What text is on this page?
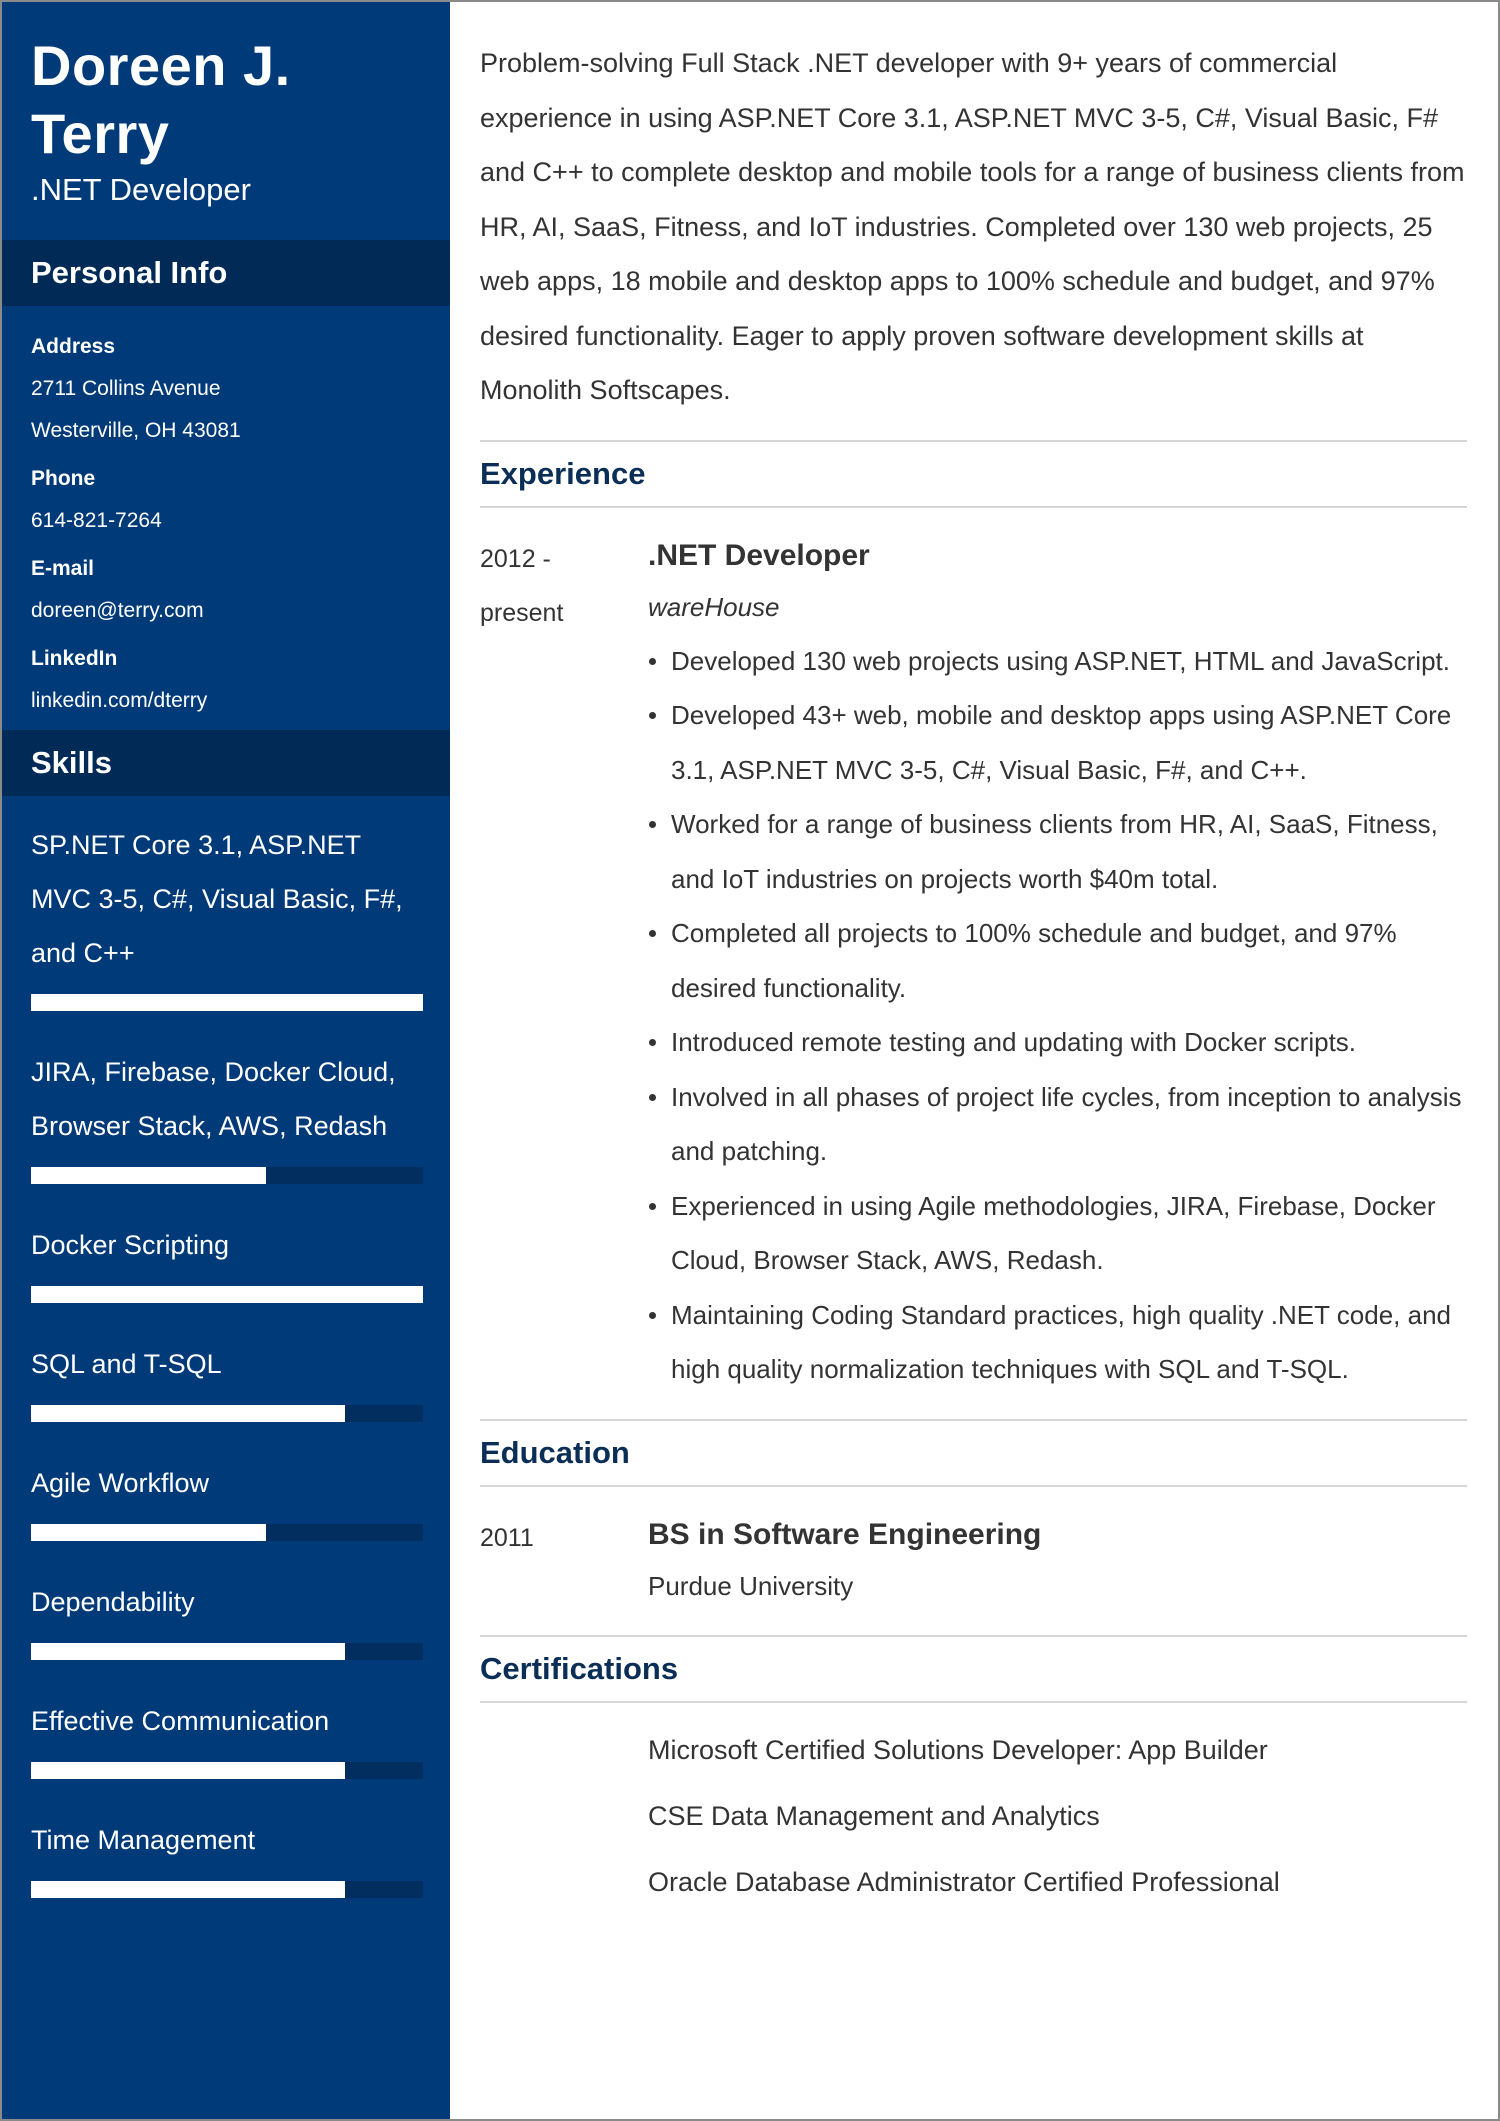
Doreen J. Terry
.NET Developer
Personal Info
Address
2711 Collins Avenue
Westerville, OH 43081
Phone
614-821-7264
E-mail
doreen@terry.com
LinkedIn
linkedin.com/dterry
Skills
SP.NET Core 3.1, ASP.NET MVC 3-5, C#, Visual Basic, F#, and C++
JIRA, Firebase, Docker Cloud, Browser Stack, AWS, Redash
Docker Scripting
SQL and T-SQL
Agile Workflow
Dependability
Effective Communication
Time Management

Problem-solving Full Stack .NET developer with 9+ years of commercial experience in using ASP.NET Core 3.1, ASP.NET MVC 3-5, C#, Visual Basic, F# and C++ to complete desktop and mobile tools for a range of business clients from HR, AI, SaaS, Fitness, and IoT industries. Completed over 130 web projects, 25 web apps, 18 mobile and desktop apps to 100% schedule and budget, and 97% desired functionality. Eager to apply proven software development skills at Monolith Softscapes.

Experience
2012 -
present
.NET Developer
wareHouse
Developed 130 web projects using ASP.NET, HTML and JavaScript.
Developed 43+ web, mobile and desktop apps using ASP.NET Core 3.1, ASP.NET MVC 3-5, C#, Visual Basic, F#, and C++.
Worked for a range of business clients from HR, AI, SaaS, Fitness, and IoT industries on projects worth $40m total.
Completed all projects to 100% schedule and budget, and 97% desired functionality.
Introduced remote testing and updating with Docker scripts.
Involved in all phases of project life cycles, from inception to analysis and patching.
Experienced in using Agile methodologies, JIRA, Firebase, Docker Cloud, Browser Stack, AWS, Redash.
Maintaining Coding Standard practices, high quality .NET code, and high quality normalization techniques with SQL and T-SQL.
Education
2011	BS in Software Engineering
Purdue University
Certifications
Microsoft Certified Solutions Developer: App Builder
CSE Data Management and Analytics
Oracle Database Administrator Certified Professional
